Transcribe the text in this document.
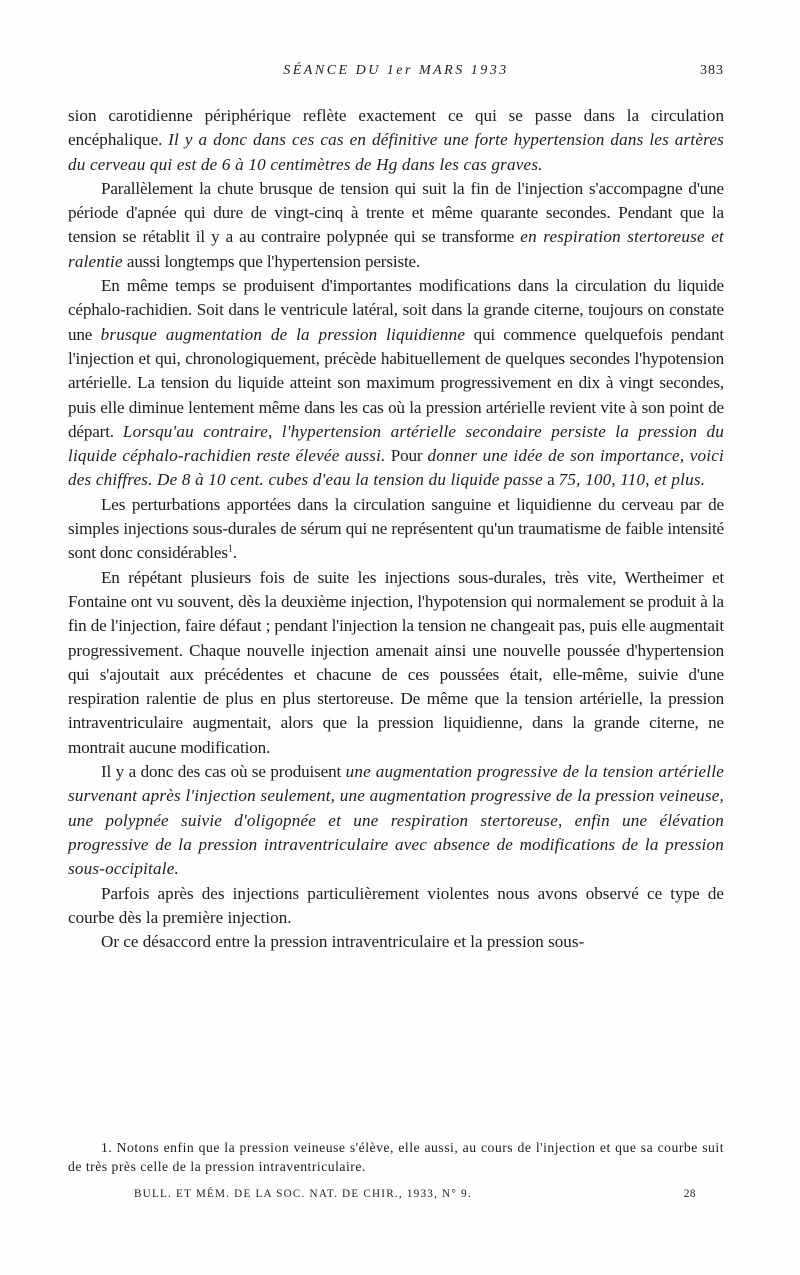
SÉANCE DU 1er MARS 1933	383

sion carotidienne périphérique reflète exactement ce qui se passe dans la circulation encéphalique. Il y a donc dans ces cas en définitive une forte hypertension dans les artères du cerveau qui est de 6 à 10 centimètres de Hg dans les cas graves.

Parallèlement la chute brusque de tension qui suit la fin de l'injection s'accompagne d'une période d'apnée qui dure de vingt-cinq à trente et même quarante secondes. Pendant que la tension se rétablit il y a au contraire polypnée qui se transforme en respiration stertoreuse et ralentie aussi longtemps que l'hypertension persiste.

En même temps se produisent d'importantes modifications dans la circulation du liquide céphalo-rachidien. Soit dans le ventricule latéral, soit dans la grande citerne, toujours on constate une brusque augmentation de la pression liquidienne qui commence quelquefois pendant l'injection et qui, chronologiquement, précède habituellement de quelques secondes l'hypotension artérielle. La tension du liquide atteint son maximum progressivement en dix à vingt secondes, puis elle diminue lentement même dans les cas où la pression artérielle revient vite à son point de départ. Lorsqu'au contraire, l'hypertension artérielle secondaire persiste la pression du liquide céphalo-rachidien reste élevée aussi. Pour donner une idée de son importance, voici des chiffres. De 8 à 10 cent. cubes d'eau la tension du liquide passe a 75, 100, 110, et plus.

Les perturbations apportées dans la circulation sanguine et liquidienne du cerveau par de simples injections sous-durales de sérum qui ne représentent qu'un traumatisme de faible intensité sont donc considérables$^1$.

En répétant plusieurs fois de suite les injections sous-durales, très vite, Wertheimer et Fontaine ont vu souvent, dès la deuxième injection, l'hypotension qui normalement se produit à la fin de l'injection, faire défaut ; pendant l'injection la tension ne changeait pas, puis elle augmentait progressivement. Chaque nouvelle injection amenait ainsi une nouvelle poussée d'hypertension qui s'ajoutait aux précédentes et chacune de ces poussées était, elle-même, suivie d'une respiration ralentie de plus en plus stertoreuse. De même que la tension artérielle, la pression intraventriculaire augmentait, alors que la pression liquidienne, dans la grande citerne, ne montrait aucune modification.

Il y a donc des cas où se produisent une augmentation progressive de la tension artérielle survenant après l'injection seulement, une augmentation progressive de la pression veineuse, une polypnée suivie d'oligopnée et une respiration stertoreuse, enfin une élévation progressive de la pression intraventriculaire avec absence de modifications de la pression sous-occipitale.

Parfois après des injections particulièrement violentes nous avons observé ce type de courbe dès la première injection.

Or ce désaccord entre la pression intraventriculaire et la pression sous-

1. Notons enfin que la pression veineuse s'élève, elle aussi, au cours de l'injection et que sa courbe suit de très près celle de la pression intraventriculaire.
BULL. ET MÉM. DE LA SOC. NAT. DE CHIR., 1933, N° 9.	28
